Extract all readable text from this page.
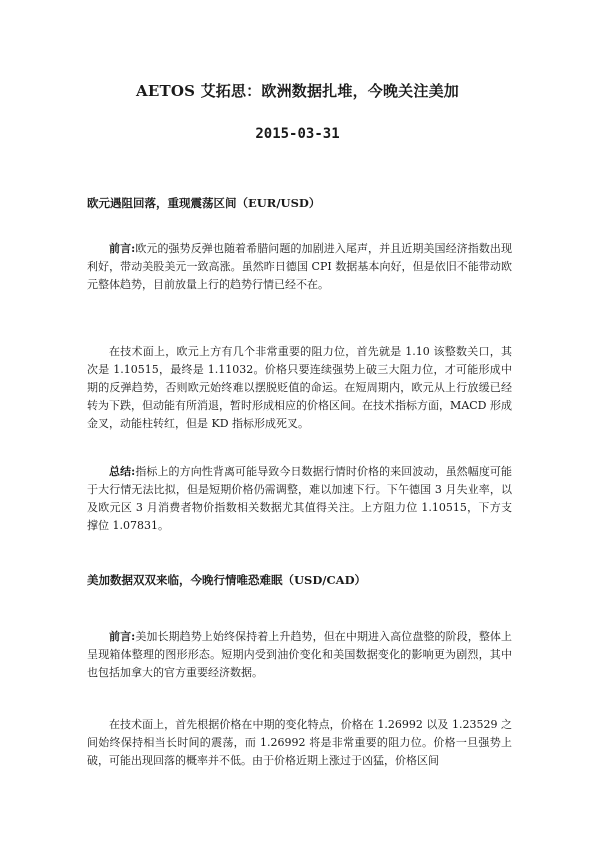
AETOS 艾拓思：欧洲数据扎堆，今晚关注美加
2015-03-31
欧元遇阻回落，重现震荡区间（EUR/USD）

前言:欧元的强势反弹也随着希腊问题的加剧进入尾声，并且近期美国经济指数出现利好，带动美股美元一致高涨。虽然昨日德国 CPI 数据基本向好，但是依旧不能带动欧元整体趋势，目前放量上行的趋势行情已经不在。

在技术面上，欧元上方有几个非常重要的阻力位，首先就是 1.10 该整数关口，其次是 1.10515，最终是 1.11032。价格只要连续强势上破三大阻力位，才可能形成中期的反弹趋势，否则欧元始终难以摆脱贬值的命运。在短周期内，欧元从上行放缓已经转为下跌，但动能有所消退，暂时形成相应的价格区间。在技术指标方面，MACD 形成金叉，动能柱转红，但是 KD 指标形成死叉。

总结:指标上的方向性背离可能导致今日数据行情时价格的来回波动，虽然幅度可能于大行情无法比拟，但是短期价格仍需调整，难以加速下行。下午德国 3 月失业率，以及欧元区 3 月消费者物价指数相关数据尤其值得关注。上方阻力位 1.10515，下方支撑位 1.07831。

美加数据双双来临，今晚行情唯恐难眠（USD/CAD）

前言:美加长期趋势上始终保持着上升趋势，但在中期进入高位盘整的阶段，整体上呈现箱体整理的图形形态。短期内受到油价变化和美国数据变化的影响更为剧烈，其中也包括加拿大的官方重要经济数据。

在技术面上，首先根据价格在中期的变化特点，价格在 1.26992 以及 1.23529 之间始终保持相当长时间的震荡，而 1.26992 将是非常重要的阻力位。价格一旦强势上破，可能出现回落的概率并不低。由于价格近期上涨过于凶猛，价格区间
